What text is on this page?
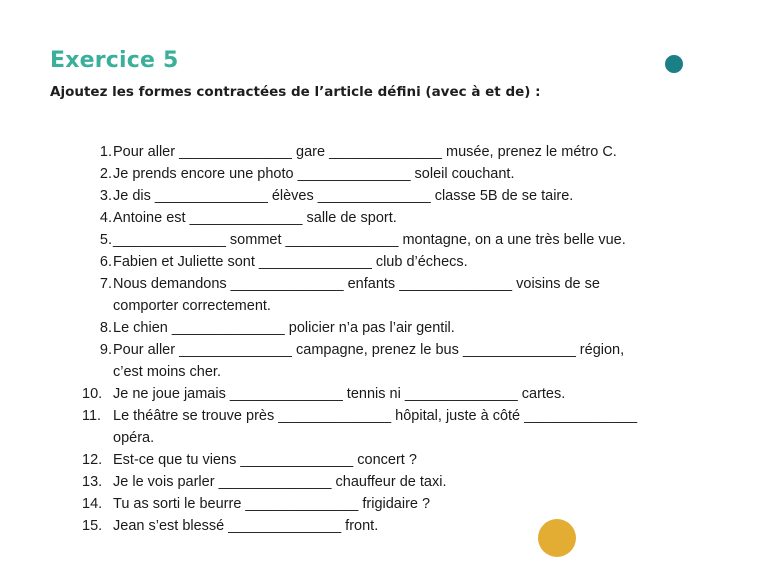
Exercice 5
Ajoutez les formes contractées de l’article défini (avec à et de) :
1. Pour aller ______________ gare ______________ musée, prenez le métro C.
2. Je prends encore une photo ______________ soleil couchant.
3. Je dis ______________ élèves ______________ classe 5B de se taire.
4. Antoine est ______________ salle de sport.
5. ______________ sommet ______________ montagne, on a une très belle vue.
6. Fabien et Juliette sont ______________ club d’échecs.
7. Nous demandons ______________ enfants ______________ voisins de se
comporter correctement.
8. Le chien ______________ policier n’a pas l’air gentil.
9. Pour aller ______________ campagne, prenez le bus ______________ région,
c’est moins cher.
10. Je ne joue jamais ______________ tennis ni ______________ cartes.
11. Le théâtre se trouve près ______________ hôpital, juste à côté ______________
opéra.
12. Est-ce que tu viens ______________ concert ?
13. Je le vois parler ______________ chauffeur de taxi.
14. Tu as sorti le beurre ______________ frigidaire ?
15. Jean s’est blessé ______________ front.
